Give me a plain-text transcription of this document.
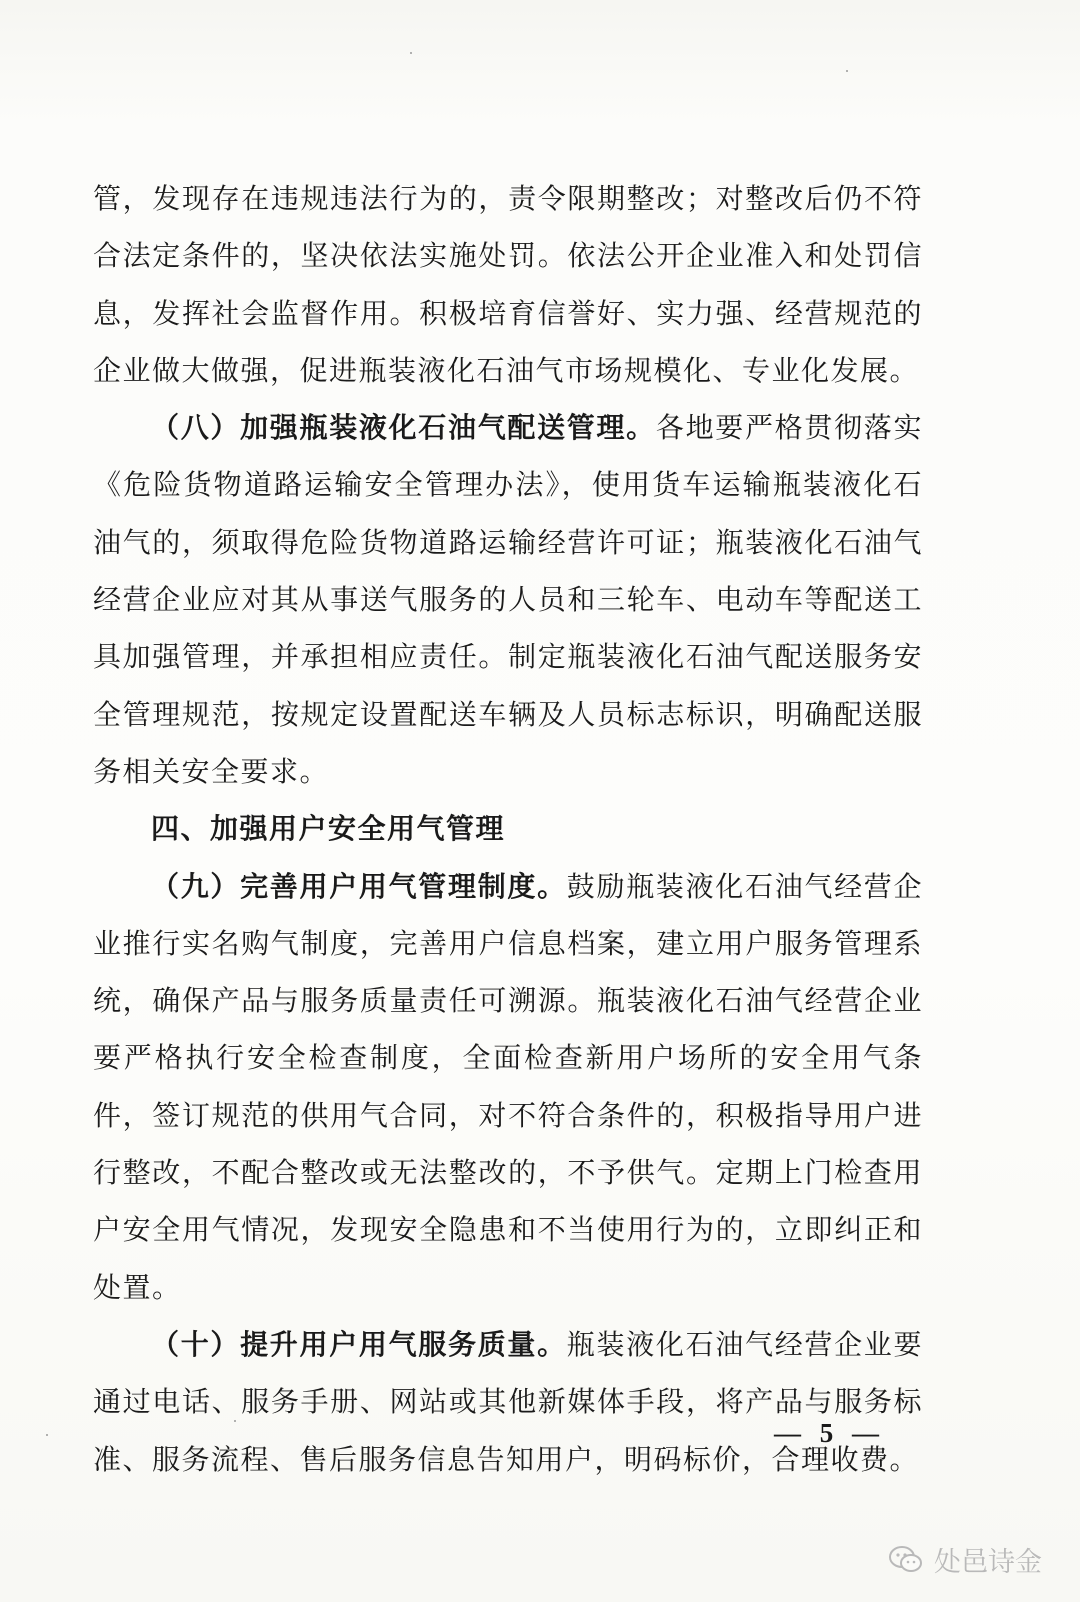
管，发现存在违规违法行为的，责令限期整改；对整改后仍不符合法定条件的，坚决依法实施处罚。依法公开企业准入和处罚信息，发挥社会监督作用。积极培育信誉好、实力强、经营规范的企业做大做强，促进瓶装液化石油气市场规模化、专业化发展。

（八）加强瓶装液化石油气配送管理。各地要严格贯彻落实《危险货物道路运输安全管理办法》，使用货车运输瓶装液化石油气的，须取得危险货物道路运输经营许可证；瓶装液化石油气经营企业应对其从事送气服务的人员和三轮车、电动车等配送工具加强管理，并承担相应责任。制定瓶装液化石油气配送服务安全管理规范，按规定设置配送车辆及人员标志标识，明确配送服务相关安全要求。

四、加强用户安全用气管理

（九）完善用户用气管理制度。鼓励瓶装液化石油气经营企业推行实名购气制度，完善用户信息档案，建立用户服务管理系统，确保产品与服务质量责任可溯源。瓶装液化石油气经营企业要严格执行安全检查制度，全面检查新用户场所的安全用气条件，签订规范的供用气合同，对不符合条件的，积极指导用户进行整改，不配合整改或无法整改的，不予供气。定期上门检查用户安全用气情况，发现安全隐患和不当使用行为的，立即纠正和处置。

（十）提升用户用气服务质量。瓶装液化石油气经营企业要通过电话、服务手册、网站或其他新媒体手段，将产品与服务标准、服务流程、售后服务信息告知用户，明码标价，合理收费。

— 5 —
处邑诗金
